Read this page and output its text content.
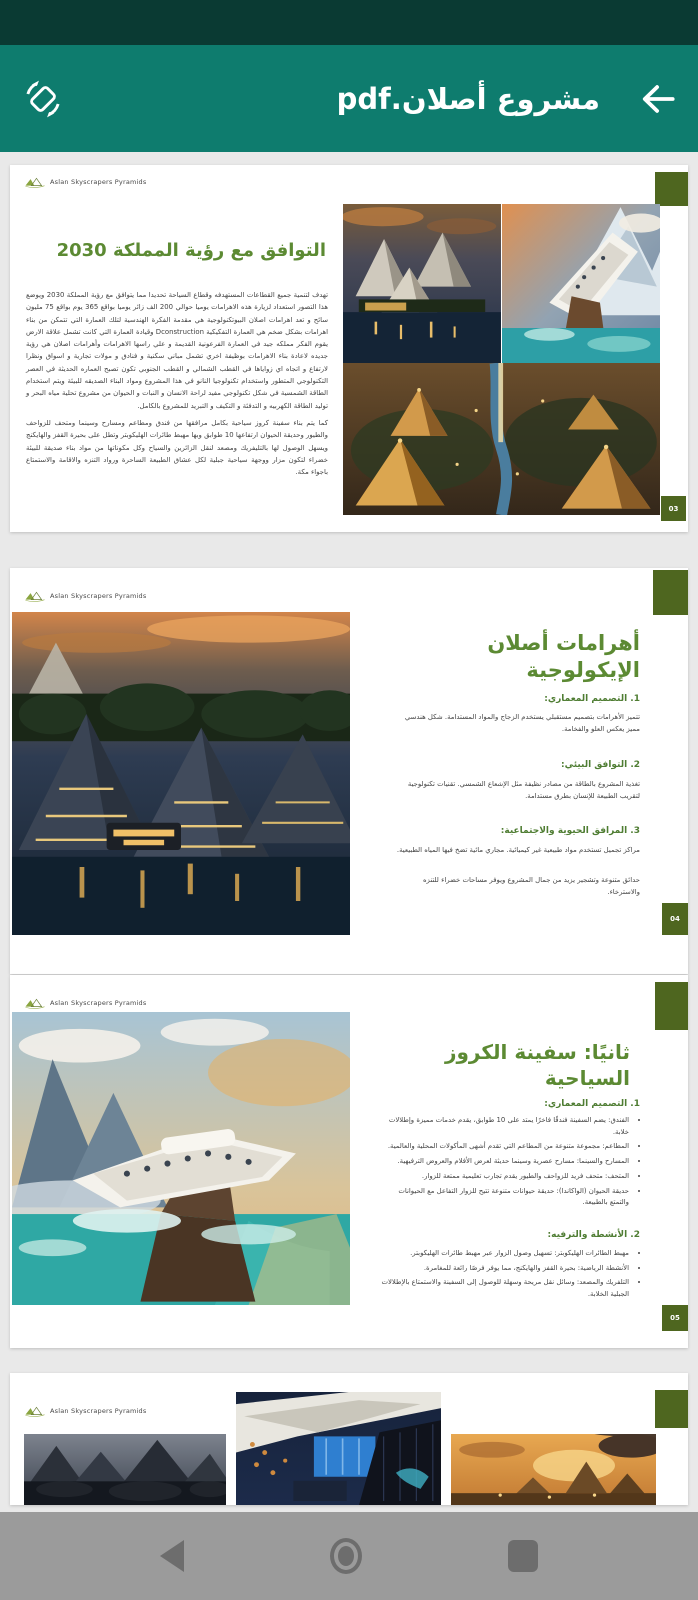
مشروع أصلان.pdf
Aslan Skyscrapers Pyramids
التوافق مع رؤية المملكة 2030
تهدف لتنمية جميع القطاعات المستهدفه وقطاع السياحة تحديدا مما يتوافق مع رؤية المملكة 2030 ويوضع هذا التصور استعداد لزيارة هذه الاهرامات يوميا حوالي 200 الف زائر يوميا بواقع 365 يوم بواقع 75 مليون سائح و تعد اهرامات اصلان البيوتكنولوجية هي مقدمة الفكرة الهندسية لتلك العمارة التي تتمكن من بناء اهرامات بشكل ضخم هي العمارة التفكيكية Dconstruction وقيادة العمارة التي كانت تشمل علاقة الارض يقوم الفكر مملكه جيد في العمارة الفرعونية القديمة و علي راسها الاهرامات وأهرامات اصلان هي رؤية جديده لاعادة بناء الاهرامات بوظيفة اخري تشمل مباني سكنية و فنادق و مولات تجارية و اسواق ونظرا لارتفاع و اتجاه اي زواياها في القطب الشمالي و القطب الجنوبي تكون تصبح العماره الحديثة في العصر التكنولوجي المتطور واستخدام تكنولوجيا النانو في هذا المشروع ومواد البناء الصديقه للبيئة ويتم استخدام الطاقة الشمسية في شكل تكنولوجي مفيد لراحة الانسان و النبات و الحيوان من مشروع تحلية مياه البحر و توليد الطاقة الكهربيه و التدفئة و التكيف و التبريد للمشروع بالكامل.
كما يتم بناء سفينة كروز سياحية بكامل مرافقها من فندق ومطاعم ومسارح وسينما ومتحف للزواحف والطيور وحديقة الحيوان ارتفاعها 10 طوابق وبها مهبط طائرات الهليكوبتر وتطل على بحيرة القفز والهايكنج ويسهل الوصول لها بالتليفريك ومصعد لنقل الزائرين والسياح وكل مكوناتها من مواد بناء صديقة للبيئة خضراء لتكون مزار ووجهة سياحية جبلية لكل عشاق الطبيعة الساحرة ورواد التنزه والاقامة والاستمتاع باجواء مكة.
03
Aslan Skyscrapers Pyramids
أهرامات أصلان الإيكولوجية
1. التصميم المعماري:
تتميز الأهرامات بتصميم مستقبلي يستخدم الزجاج والمواد المستدامة. شكل هندسي مميز يعكس العلو والفخامة.
2. التوافق البيئي:
تغذية المشروع بالطاقة من مصادر نظيفة مثل الإشعاع الشمسي. تقنيات تكنولوجية لتقريب الطبيعة للإنسان بطرق مستدامة.
3. المرافق الحيوية والاجتماعية:
مراكز تجميل تستخدم مواد طبيعية غير كيميائية. مجاري مائية تضخ فيها المياه الطبيعية.
حدائق متنوعة وتشجير يزيد من جمال المشروع ويوفر مساحات خضراء للتنزه والاسترخاء.
04
Aslan Skyscrapers Pyramids
ثانيًا: سفينة الكروز السياحية
1. التصميم المعماري:
• الفندق: يضم السفينة فندقًا فاخرًا يمتد على 10 طوابق، يقدم خدمات مميزة وإطلالات خلابة.
• المطاعم: مجموعة متنوعة من المطاعم التي تقدم أشهى المأكولات المحلية والعالمية.
• المسارح والسينما: مسارح عصرية وسينما حديثة لعرض الأفلام والعروض الترفيهية.
• المتحف: متحف فريد للزواحف والطيور يقدم تجارب تعليمية ممتعة للزوار.
• حديقة الحيوان (الواكاندا): حديقة حيوانات متنوعة تتيح للزوار التفاعل مع الحيوانات والتمتع بالطبيعة.
2. الأنشطة والترفيه:
• مهبط الطائرات الهليكوبتر: تسهيل وصول الزوار عبر مهبط طائرات الهليكوبتر.
• الأنشطة الرياضية: بحيرة القفز والهايكنج، مما يوفر فرصًا رائعة للمغامرة.
• التلفريك والمصعد: وسائل نقل مريحة وسهلة للوصول إلى السفينة والاستمتاع بالإطلالات الجبلية الخلابة.
05
Aslan Skyscrapers Pyramids
